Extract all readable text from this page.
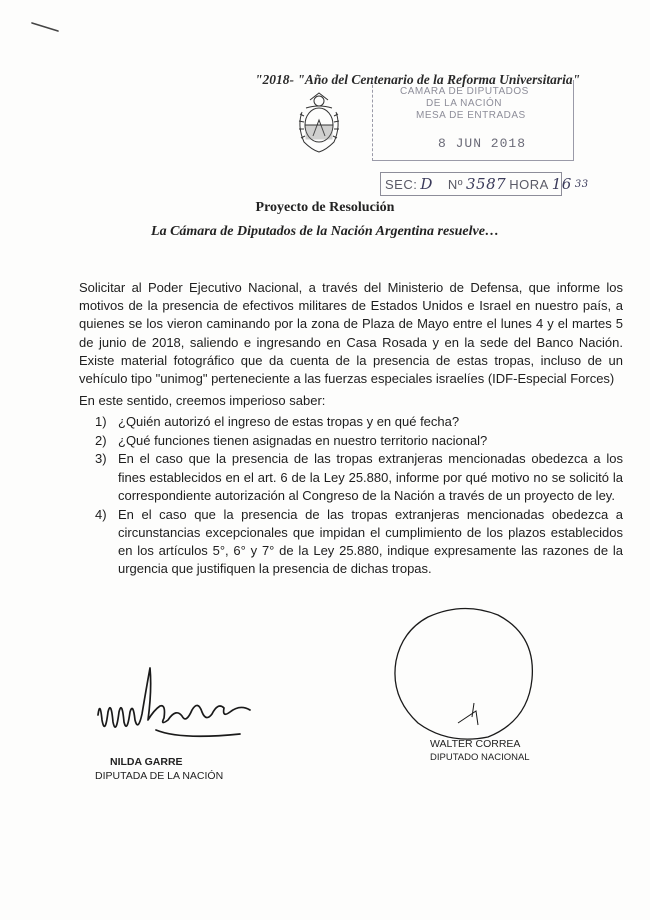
"2018- "Año del Centenario de la Reforma Universitaria"
CAMARA DE DIPUTADOS
DE LA NACIÓN
MESA DE ENTRADAS
8 JUN 2018
SEC: D Nº 3587 HORA 16 33
Proyecto de Resolución
La Cámara de Diputados de la Nación Argentina resuelve…
Solicitar al Poder Ejecutivo Nacional, a través del Ministerio de Defensa, que informe los motivos de la presencia de efectivos militares de Estados Unidos e Israel en nuestro país, a quienes se los vieron caminando por la zona de Plaza de Mayo entre el lunes 4 y el martes 5 de junio de 2018, saliendo e ingresando en Casa Rosada y en la sede del Banco Nación. Existe material fotográfico que da cuenta de la presencia de estas tropas, incluso de un vehículo tipo "unimog" perteneciente a las fuerzas especiales israelíes (IDF-Especial Forces)
En este sentido, creemos imperioso saber:
1) ¿Quién autorizó el ingreso de estas tropas y en qué fecha?
2) ¿Qué funciones tienen asignadas en nuestro territorio nacional?
3) En el caso que la presencia de las tropas extranjeras mencionadas obedezca a los fines establecidos en el art. 6 de la Ley 25.880, informe por qué motivo no se solicitó la correspondiente autorización al Congreso de la Nación a través de un proyecto de ley.
4) En el caso que la presencia de las tropas extranjeras mencionadas obedezca a circunstancias excepcionales que impidan el cumplimiento de los plazos establecidos en los artículos 5°, 6° y 7° de la Ley 25.880, indique expresamente las razones de la urgencia que justifiquen la presencia de dichas tropas.
NILDA GARRE
DIPUTADA DE LA NACIÓN
WALTER CORREA
DIPUTADO NACIONAL
